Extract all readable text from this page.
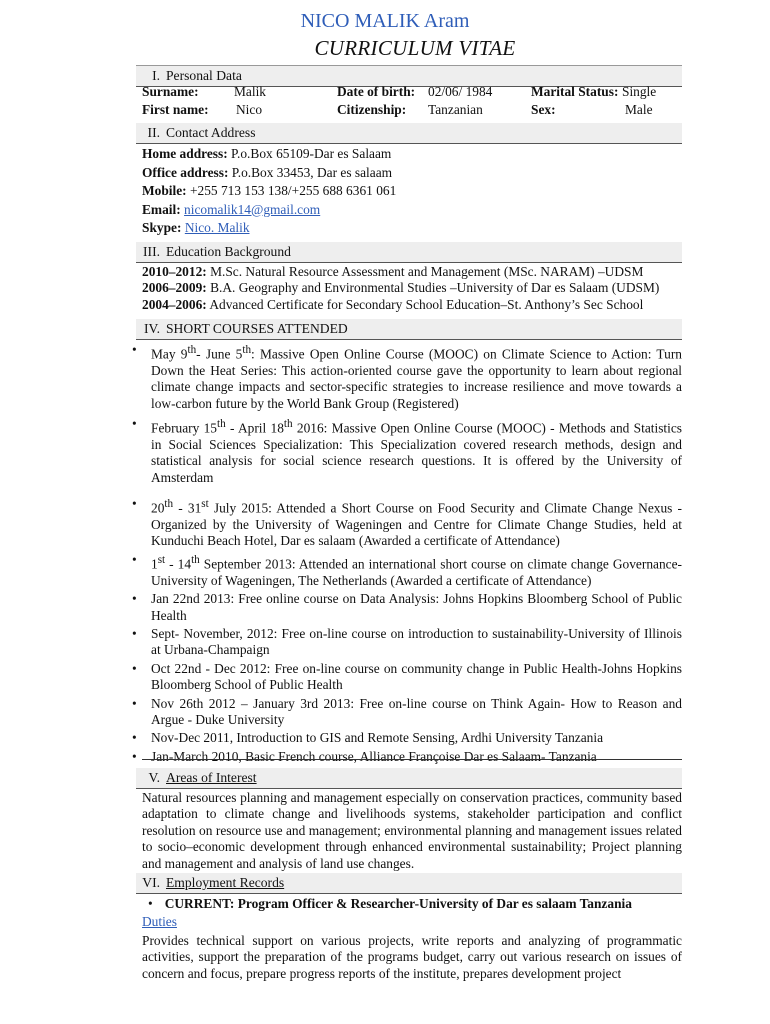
NICO MALIK Aram
CURRICULUM VITAE
I. Personal Data
Surname:	Malik	Date of birth: 02/06/ 1984	Marital Status: Single
First name: Nico	Citizenship: Tanzanian	Sex:	Male
II. Contact Address

Home address: P.o.Box 65109-Dar es Salaam

Office address: P.o.Box 33453, Dar es salaam

Mobile: +255 713 153 138/+255 688 6361 061

Email: nicomalik14@gmail.com

Skype: Nico. Malik

III. Education Background

2010–2012: M.Sc. Natural Resource Assessment and Management (MSc. NARAM) –UDSM

2006–2009: B.A. Geography and Environmental Studies –University of Dar es Salaam (UDSM)

2004–2006: Advanced Certificate for Secondary School Education–St. Anthony’s Sec School

IV. SHORT COURSES ATTENDED
• May 9th- June 5th: Massive Open Online Course (MOOC) on Climate Science to Action: Turn Down the Heat Series: This action-oriented course gave the opportunity to learn about regional climate change impacts and sector-specific strategies to increase resilience and move towards a low-carbon future by the World Bank Group (Registered)
• February 15th - April 18th 2016: Massive Open Online Course (MOOC) - Methods and Statistics in Social Sciences Specialization: This Specialization covered research methods, design and statistical analysis for social science research questions. It is offered by the University of Amsterdam
• 20th - 31st July 2015: Attended a Short Course on Food Security and Climate Change Nexus - Organized by the University of Wageningen and Centre for Climate Change Studies, held at Kunduchi Beach Hotel, Dar es salaam (Awarded a certificate of Attendance)
• 1st - 14th September 2013: Attended an international short course on climate change Governance-University of Wageningen, The Netherlands (Awarded a certificate of Attendance)
• Jan 22nd 2013: Free online course on Data Analysis: Johns Hopkins Bloomberg School of Public Health
• Sept- November, 2012: Free on-line course on introduction to sustainability-University of Illinois at Urbana-Champaign
• Oct 22nd - Dec 2012: Free on-line course on community change in Public Health-Johns Hopkins Bloomberg School of Public Health
• Nov 26th 2012 – January 3rd 2013: Free on-line course on Think Again- How to Reason and Argue - Duke University
• Nov-Dec 2011, Introduction to GIS and Remote Sensing, Ardhi University Tanzania
• Jan-March 2010, Basic French course, Alliance Françoise Dar es Salaam- Tanzania
V. Areas of Interest
Natural resources planning and management especially on conservation practices, community based adaptation to climate change and livelihoods systems, stakeholder participation and conflict resolution on resource use and management; environmental planning and management issues related to socio–economic development through enhanced environmental sustainability; Project planning and management and analysis of land use changes.
VI. Employment Records

• CURRENT: Program Officer & Researcher-University of Dar es salaam Tanzania

Duties

Provides technical support on various projects, write reports and analyzing of programmatic activities, support the preparation of the programs budget, carry out various research on issues of concern and focus, prepare progress reports of the institute, prepares development project
